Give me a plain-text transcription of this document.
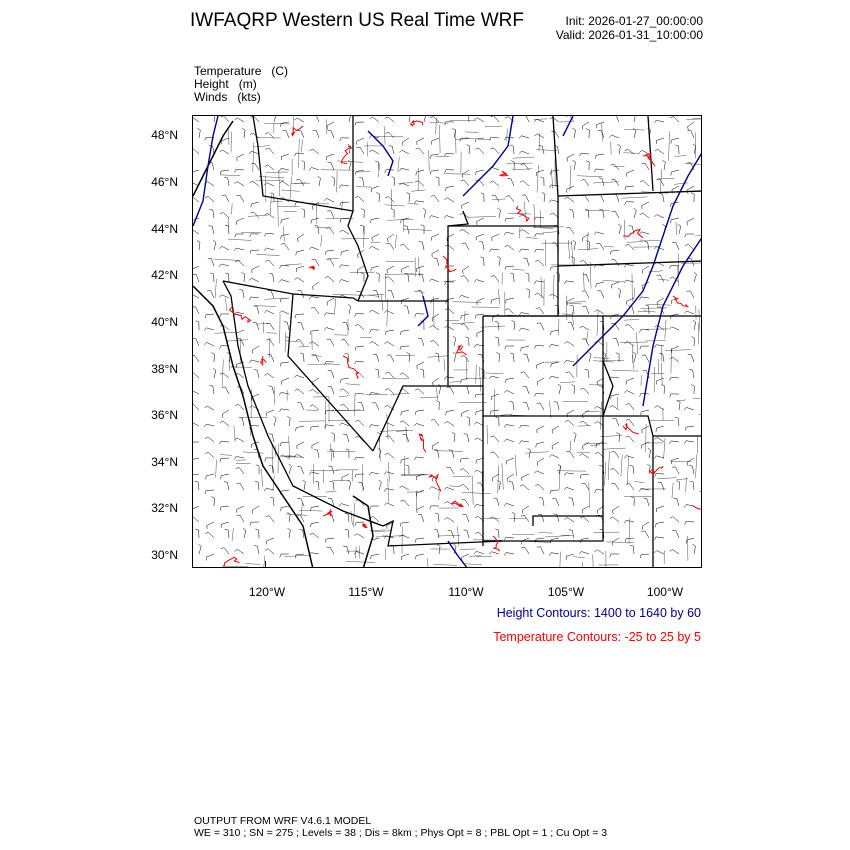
IWFAQRP Western US Real Time WRF	Init: 2026-01-27_00:00:00
Valid: 2026-01-31_10:00:00
Temperature (C)
Height (m)
Winds (kts)
48°N
46°N
44°N
42°N
40°N
38°N
36°N
34°N
32°N
30°N
120°W	115°W	110°W	105°W	100°W
Height Contours: 1400 to 1640 by 60
Temperature Contours: -25 to 25 by 5
OUTPUT FROM WRF V4.6.1 MODEL
WE = 310 ; SN = 275 ; Levels = 38 ; Dis = 8km ; Phys Opt = 8 ; PBL Opt = 1 ; Cu Opt = 3
